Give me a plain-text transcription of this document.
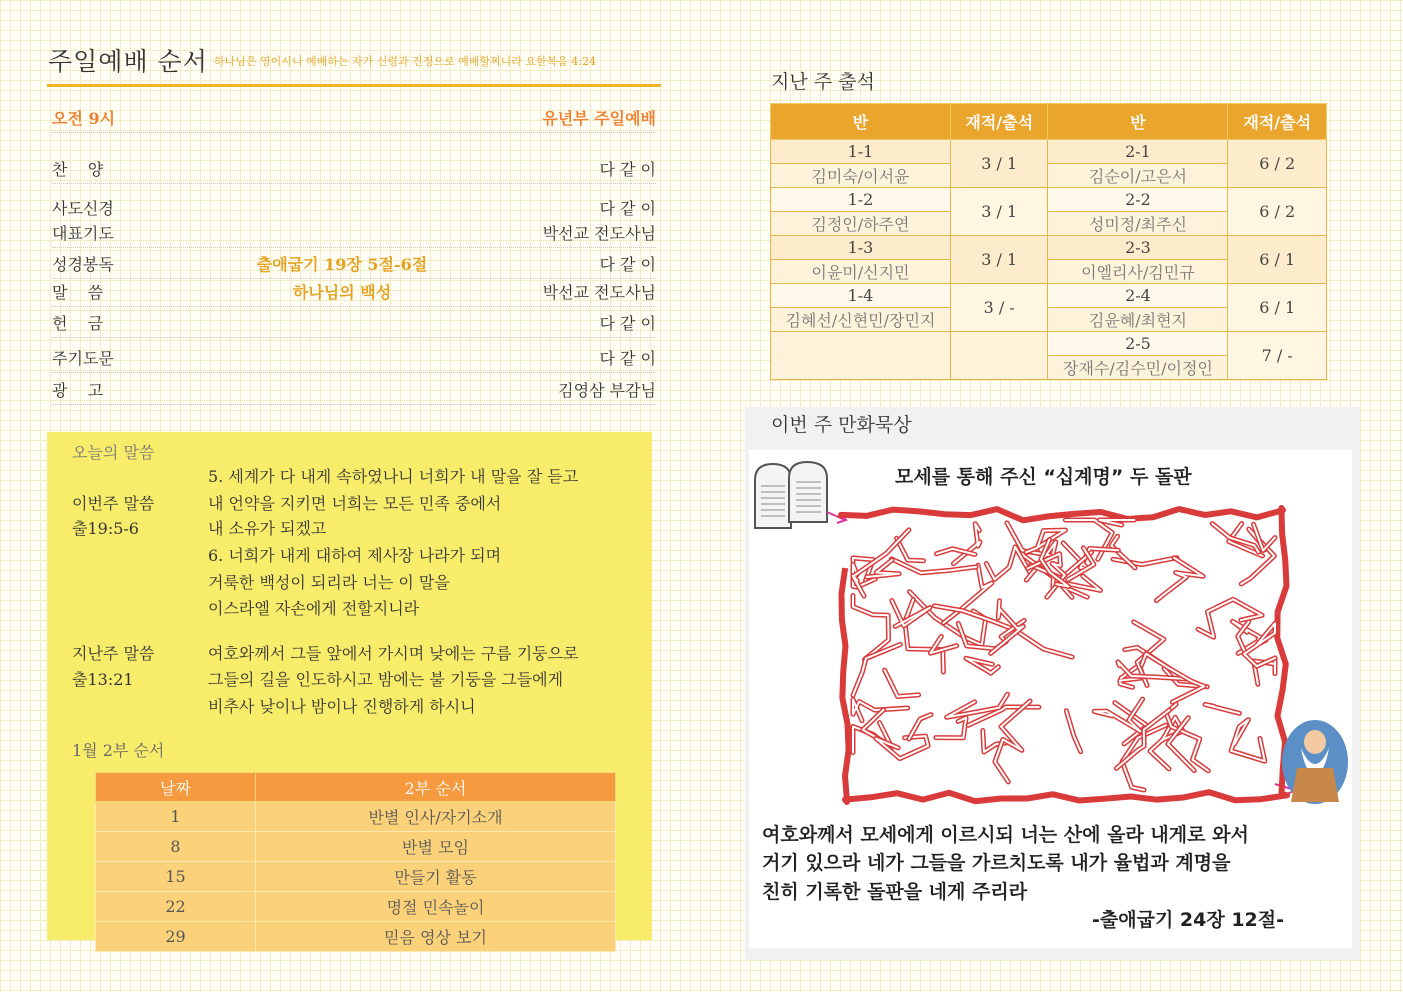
주일예배 순서 하나님은 영이시니 예배하는 자가 신령과 진정으로 예배할찌니라 요한복음 4:24
오전 9시	유년부 주일예배
찬    양	다 같 이
사도신경	다 같 이
대표기도	박선교 전도사님
성경봉독	출애굽기 19장 5절-6절	다 같 이
말    씀	하나님의 백성	박선교 전도사님
헌    금	다 같 이
주기도문	다 같 이
광    고	김영삼 부감님
오늘의 말씀
이번주 말씀
출19:5-6
5. 세계가 다 내게 속하였나니 너희가 내 말을 잘 듣고
내 언약을 지키면 너희는 모든 민족 중에서
내 소유가 되겠고
6. 너희가 내게 대하여 제사장 나라가 되며
거룩한 백성이 되리라 너는 이 말을
이스라엘 자손에게 전할지니라
지난주 말씀
출13:21
여호와께서 그들 앞에서 가시며 낮에는 구름 기둥으로
그들의 길을 인도하시고 밤에는 불 기둥을 그들에게
비추사 낮이나 밤이나 진행하게 하시니
1월 2부 순서
날짜	2부 순서
1	반별 인사/자기소개
8	반별 모임
15	만들기 활동
22	명절 민속놀이
29	믿음 영상 보기
지난 주 출석
반	재적/출석	반	재적/출석
1-1	3 / 1	2-1	6 / 2
김미숙/이서윤		김순이/고은서	
1-2	3 / 1	2-2	6 / 2
김정인/하주연		성미정/최주신	
1-3	3 / 1	2-3	6 / 1
이윤미/신지민		이엘리사/김민규	
1-4	3 / -	2-4	6 / 1
김혜선/신현민/장민지		김윤혜/최현지	
		2-5	7 / -
		장재수/김수민/이정인	
이번 주 만화묵상
모세를 통해 주신 “십계명” 두 돌판
여호와께서 모세에게 이르시되 너는 산에 올라 내게로 와서
거기 있으라 네가 그들을 가르치도록 내가 율법과 계명을
친히 기록한 돌판을 네게 주리라
-출애굽기 24장 12절-
